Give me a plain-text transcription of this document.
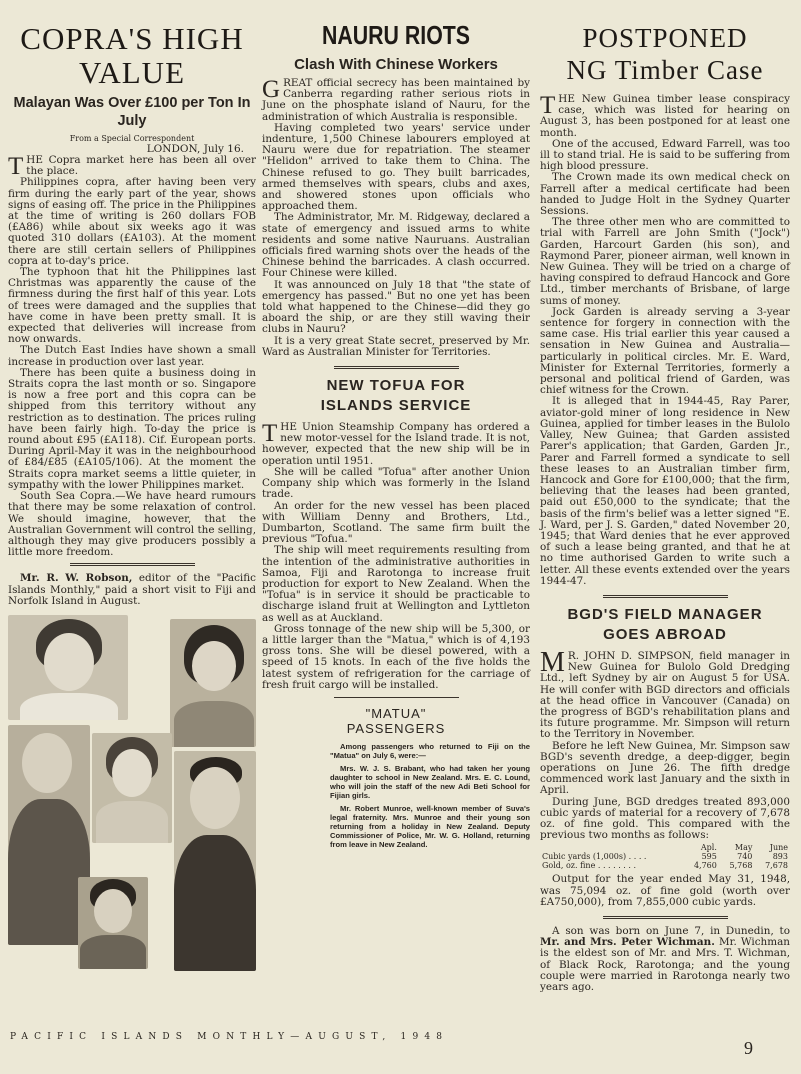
COPRA'S HIGH
VALUE
Malayan Was Over £100 per Ton In July
From a Special Correspondent
LONDON, July 16.

THE Copra market here has been all over the place.

Philippines copra, after having been very firm during the early part of the year, shows signs of easing off. The price in the Philippines at the time of writing is 260 dollars FOB (£A86) while about six weeks ago it was quoted 310 dollars (£A103). At the moment there are still certain sellers of Philippines copra at to-day's price.

The typhoon that hit the Philippines last Christmas was apparently the cause of the firmness during the first half of this year. Lots of trees were damaged and the supplies that have come in have been pretty small. It is expected that deliveries will increase from now onwards.

The Dutch East Indies have shown a small increase in production over last year.

There has been quite a business doing in Straits copra the last month or so. Singapore is now a free port and this copra can be shipped from this territory without any restriction as to destination. The prices ruling have been fairly high. To-day the price is round about £95 (£A118). Cif. European ports. During April-May it was in the neighbourhood of £84/£85 (£A105/106). At the moment the Straits copra market seems a little quieter, in sympathy with the lower Philippines market.

South Sea Copra.—We have heard rumours that there may be some relaxation of control. We should imagine, however, that the Australian Government will control the selling, although they may give producers possibly a little more freedom.

Mr. R. W. Robson, editor of the "Pacific Islands Monthly," paid a short visit to Fiji and Norfolk Island in August.

NAURU RIOTS
Clash With Chinese Workers

GREAT official secrecy has been maintained by Canberra regarding rather serious riots in June on the phosphate island of Nauru, for the administration of which Australia is responsible.

Having completed two years' service under indenture, 1,500 Chinese labourers employed at Nauru were due for repatriation. The steamer "Helidon" arrived to take them to China. The Chinese refused to go. They built barricades, armed themselves with spears, clubs and axes, and showered stones upon officials who approached them.

The Administrator, Mr. M. Ridgeway, declared a state of emergency and issued arms to white residents and some native Nauruans. Australian officials fired warning shots over the heads of the Chinese behind the barricades. A clash occurred. Four Chinese were killed.

It was announced on July 18 that "the state of emergency has passed." But no one yet has been told what happened to the Chinese—did they go aboard the ship, or are they still waving their clubs in Nauru?

It is a very great State secret, preserved by Mr. Ward as Australian Minister for Territories.

NEW TOFUA FOR ISLANDS SERVICE

THE Union Steamship Company has ordered a new motor-vessel for the Island trade. It is not, however, expected that the new ship will be in operation until 1951.

She will be called "Tofua" after another Union Company ship which was formerly in the Island trade.

An order for the new vessel has been placed with William Denny and Brothers, Ltd., Dumbarton, Scotland. The same firm built the previous "Tofua."

The ship will meet requirements resulting from the intention of the administrative authorities in Samoa, Fiji and Rarotonga to increase fruit production for export to New Zealand. When the "Tofua" is in service it should be practicable to discharge island fruit at Wellington and Lyttleton as well as at Auckland.

Gross tonnage of the new ship will be 5,300, or a little larger than the "Matua," which is of 4,193 gross tons. She will be diesel powered, with a speed of 15 knots. In each of the five holds the latest system of refrigeration for the carriage of fresh fruit cargo will be installed.

"MATUA"
PASSENGERS

Among passengers who returned to Fiji on the "Matua" on July 6, were:—

Mrs. W. J. S. Brabant, who had taken her young daughter to school in New Zealand. Mrs. E. C. Lound, who will join the staff of the new Adi Beti School for Fijian girls.

Mr. Robert Munroe, well-known member of Suva's legal fraternity. Mrs. Munroe and their young son returning from a holiday in New Zealand. Deputy Commissioner of Police, Mr. W. G. Holland, returning from leave in New Zealand.

POSTPONED
NG Timber Case

THE New Guinea timber lease conspiracy case, which was listed for hearing on August 3, has been postponed for at least one month.

One of the accused, Edward Farrell, was too ill to stand trial. He is said to be suffering from high blood pressure.

The Crown made its own medical check on Farrell after a medical certificate had been handed to Judge Holt in the Sydney Quarter Sessions.

The three other men who are committed to trial with Farrell are John Smith ("Jock") Garden, Harcourt Garden (his son), and Raymond Parer, pioneer airman, well known in New Guinea. They will be tried on a charge of having conspired to defraud Hancock and Gore Ltd., timber merchants of Brisbane, of large sums of money.

Jock Garden is already serving a 3-year sentence for forgery in connection with the same case. His trial earlier this year caused a sensation in New Guinea and Australia—particularly in political circles. Mr. E. Ward, Minister for External Territories, formerly a personal and political friend of Garden, was chief witness for the Crown.

It is alleged that in 1944-45, Ray Parer, aviator-gold miner of long residence in New Guinea, applied for timber leases in the Bulolo Valley, New Guinea; that Garden assisted Parer's application; that Garden, Garden Jr., Parer and Farrell formed a syndicate to sell these leases to an Australian timber firm, Hancock and Gore for £100,000; that the firm, believing that the leases had been granted, paid out £50,000 to the syndicate; that the basis of the firm's belief was a letter signed "E. J. Ward, per J. S. Garden," dated November 20, 1945; that Ward denies that he ever approved of such a lease being granted, and that he at no time authorised Garden to write such a letter. All these events extended over the years 1944-47.

BGD'S FIELD MANAGER GOES ABROAD

M R. JOHN D. SIMPSON, field manager in New Guinea for Bulolo Gold Dredging Ltd., left Sydney by air on August 5 for USA. He will confer with BGD directors and officials at the head office in Vancouver (Canada) on the progress of BGD's rehabilitation plans and its future programme. Mr. Simpson will return to the Territory in November.

Before he left New Guinea, Mr. Simpson saw BGD's seventh dredge, a deep-digger, begin operations on June 26. The fifth dredge commenced work last January and the sixth in April.

During June, BGD dredges treated 893,000 cubic yards of material for a recovery of 7,678 oz. of fine gold. This compared with the previous two months as follows:

	Apl.	May	June
Cubic yards (1,000s) . . . .	595	740	893
Gold, oz. fine . . . . . . . .	4,760	5,768	7,678

Output for the year ended May 31, 1948, was 75,094 oz. of fine gold (worth over £A750,000), from 7,855,000 cubic yards.

A son was born on June 7, in Dunedin, to Mr. and Mrs. Peter Wichman. Mr. Wichman is the eldest son of Mr. and Mrs. T. Wichman, of Black Rock, Rarotonga; and the young couple were married in Rarotonga nearly two years ago.

PACIFIC ISLANDS MONTHLY—AUGUST, 1948
9
